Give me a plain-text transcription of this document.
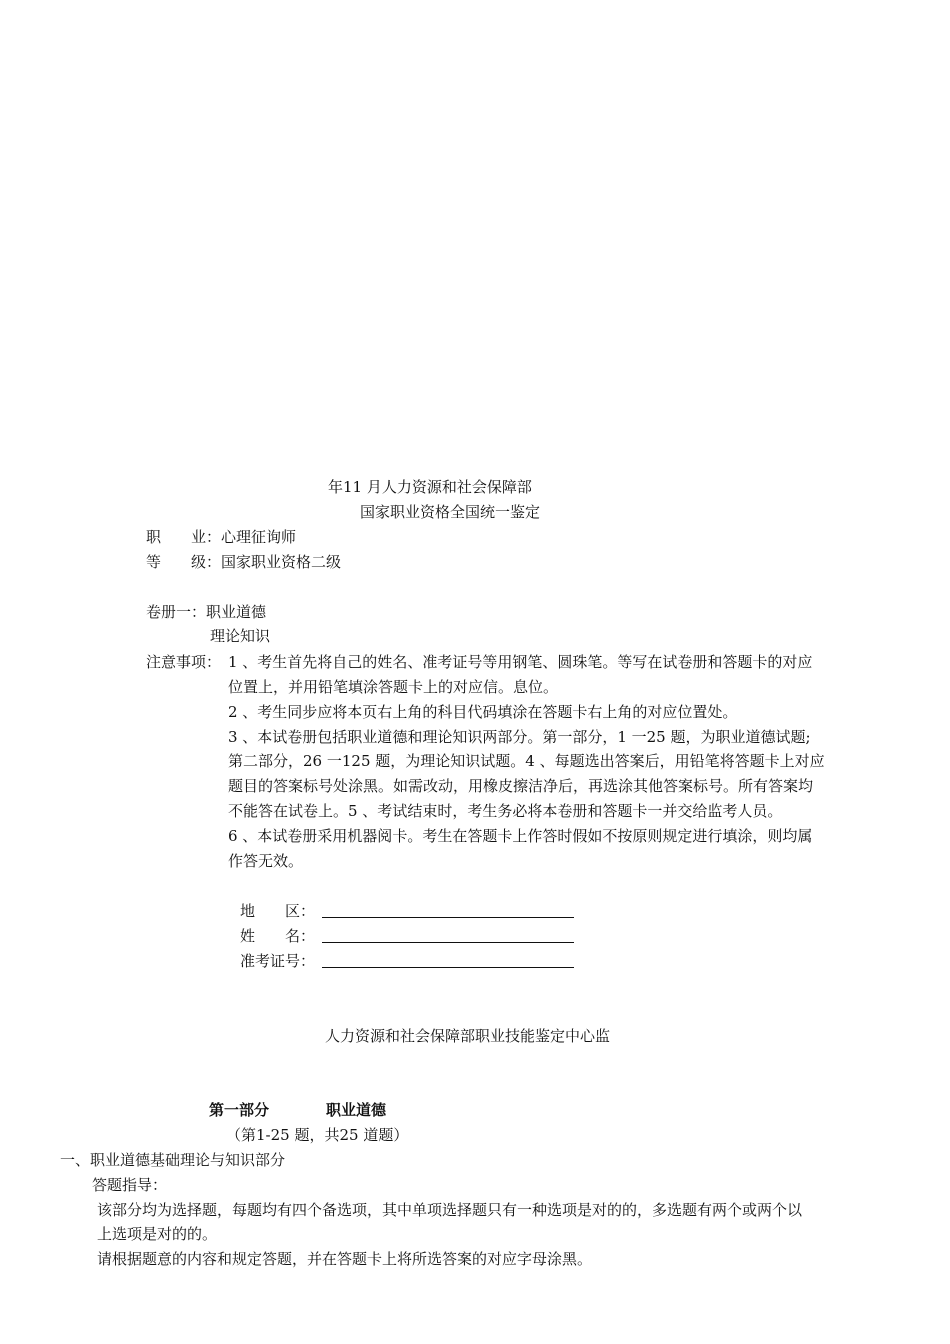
年11 月人力资源和社会保障部
国家职业资格全国统一鉴定
职　　业：心理征询师
等　　级：国家职业资格二级
卷册一：职业道德
理论知识
注意事项： 1 、考生首先将自己的姓名、准考证号等用钢笔、圆珠笔。等写在试卷册和答题卡的对应
位置上，并用铅笔填涂答题卡上的对应信。息位。
2 、考生同步应将本页右上角的科目代码填涂在答题卡右上角的对应位置处。
3 、本试卷册包括职业道德和理论知识两部分。第一部分，1 一25 题，为职业道德试题;
第二部分，26 一125 题，为理论知识试题。4 、每题选出答案后，用铅笔将答题卡上对应
题目的答案标号处涂黑。如需改动，用橡皮擦洁净后，再选涂其他答案标号。所有答案均
不能答在试卷上。5 、考试结束时，考生务必将本卷册和答题卡一并交给监考人员。
6 、本试卷册采用机器阅卡。考生在答题卡上作答时假如不按原则规定进行填涂，则均属
作答无效。
地　　区：
姓　　名：
准考证号：
人力资源和社会保障部职业技能鉴定中心监
第一部分	职业道德
（第1-25 题，共25 道题）
一、职业道德基础理论与知识部分
答题指导：
该部分均为选择题，每题均有四个备选项，其中单项选择题只有一种选项是对的的，多选题有两个或两个以
上选项是对的的。
请根据题意的内容和规定答题，并在答题卡上将所选答案的对应字母涂黑。
